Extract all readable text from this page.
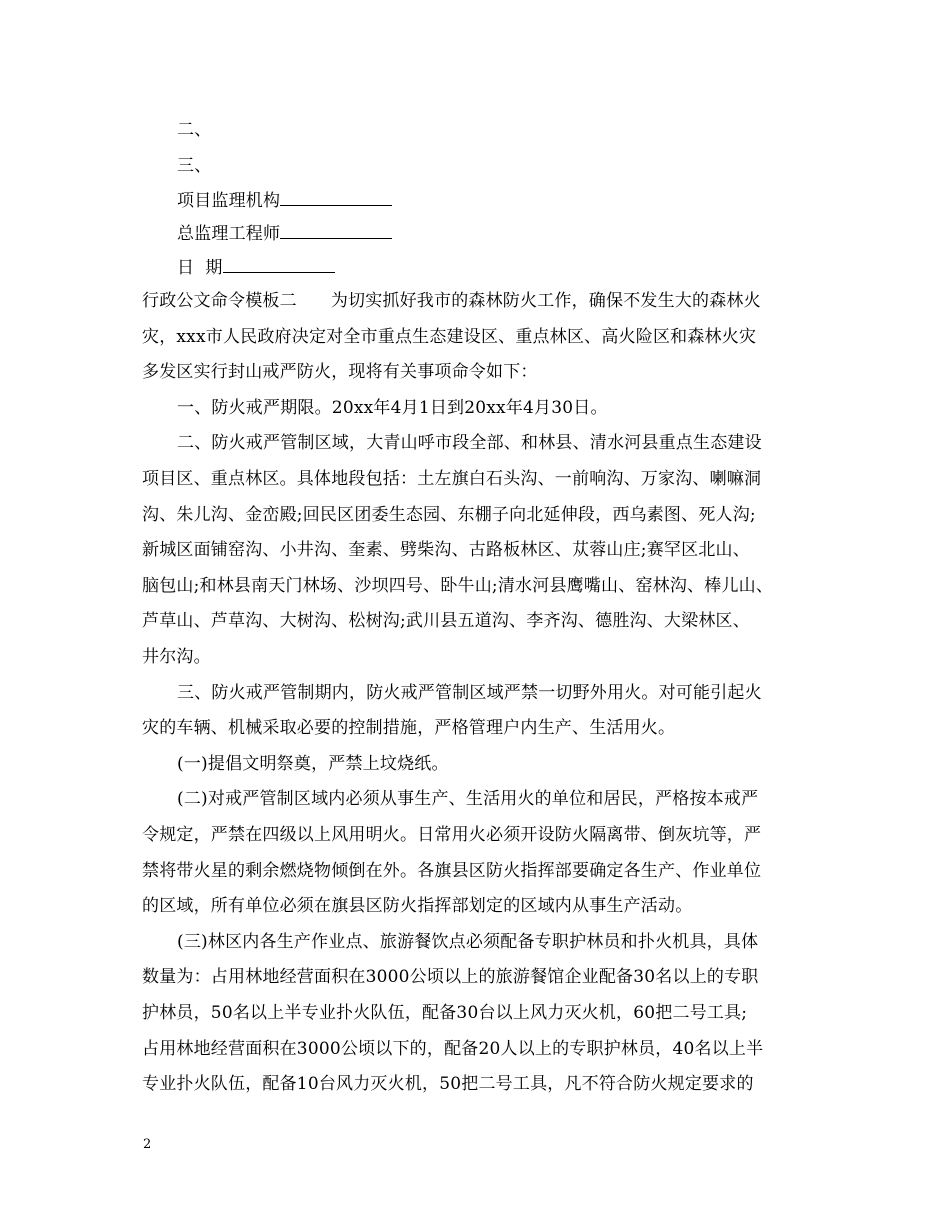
二、
三、
项目监理机构
总监理工程师
日  期
行政公文命令模板二 为切实抓好我市的森林防火工作，确保不发生大的森林火
灾，xxx市人民政府决定对全市重点生态建设区、重点林区、高火险区和森林火灾
多发区实行封山戒严防火，现将有关事项命令如下：
一、防火戒严期限。20xx年4月1日到20xx年4月30日。
二、防火戒严管制区域，大青山呼市段全部、和林县、清水河县重点生态建设
项目区、重点林区。具体地段包括：土左旗白石头沟、一前响沟、万家沟、喇嘛洞
沟、朱儿沟、金峦殿;回民区团委生态园、东棚子向北延伸段，西乌素图、死人沟;
新城区面铺窑沟、小井沟、奎素、劈柴沟、古路板林区、苁蓉山庄;赛罕区北山、
脑包山;和林县南天门林场、沙坝四号、卧牛山;清水河县鹰嘴山、窑林沟、棒儿山、
芦草山、芦草沟、大树沟、松树沟;武川县五道沟、李齐沟、德胜沟、大梁林区、
井尔沟。
三、防火戒严管制期内，防火戒严管制区域严禁一切野外用火。对可能引起火
灾的车辆、机械采取必要的控制措施，严格管理户内生产、生活用火。
(一)提倡文明祭奠，严禁上坟烧纸。
(二)对戒严管制区域内必须从事生产、生活用火的单位和居民，严格按本戒严
令规定，严禁在四级以上风用明火。日常用火必须开设防火隔离带、倒灰坑等，严
禁将带火星的剩余燃烧物倾倒在外。各旗县区防火指挥部要确定各生产、作业单位
的区域，所有单位必须在旗县区防火指挥部划定的区域内从事生产活动。
(三)林区内各生产作业点、旅游餐饮点必须配备专职护林员和扑火机具，具体
数量为：占用林地经营面积在3000公顷以上的旅游餐馆企业配备30名以上的专职
护林员，50名以上半专业扑火队伍，配备30台以上风力灭火机，60把二号工具;
占用林地经营面积在3000公顷以下的，配备20人以上的专职护林员，40名以上半
专业扑火队伍，配备10台风力灭火机，50把二号工具，凡不符合防火规定要求的
2
